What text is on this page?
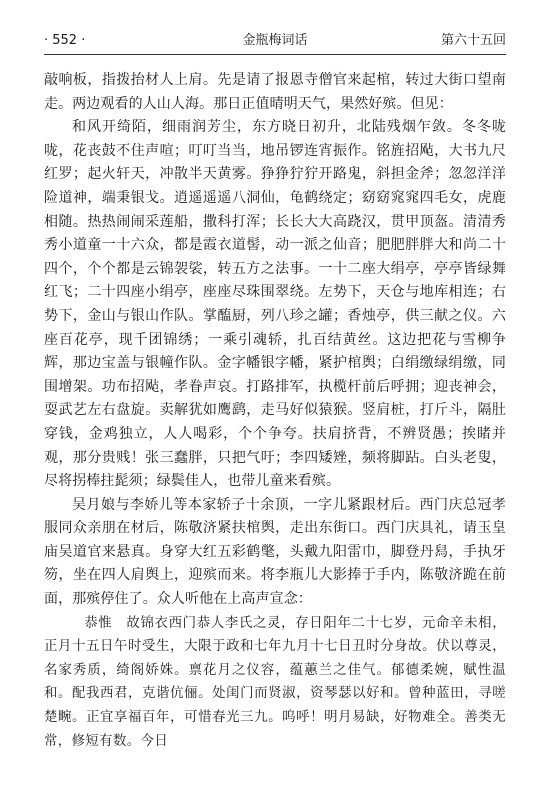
· 552 ·	金瓶梅词话	第六十五回

敲响板，指拨抬材人上肩。先是请了报恩寺僧官来起棺，转过大街口望南走。两边观看的人山人海。那日正值晴明天气，果然好殡。但见：

和风开绮陌，细雨润芳尘，东方晓日初升，北陆残烟乍敛。冬冬咙咙，花丧鼓不住声喧；叮叮当当，地吊锣连宵振作。铭旌招飐，大书九尺红罗；起火轩天，冲散半天黄雾。狰狰狞狞开路鬼，斜担金斧；忽忽洋洋险道神，端秉银戈。逍遥遥遥八洞仙，龟鹤绕定；窈窈窕窕四毛女，虎鹿相随。热热闹闹采莲船，撒科打浑；长长大大高跷汉，贯甲顶盔。清清秀秀小道童一十六众，都是霞衣道髻，动一派之仙音；肥肥胖胖大和尚二十四个，个个都是云锦袈裟，转五方之法事。一十二座大绢亭，亭亭皆绿舞红飞；二十四座小绢亭，座座尽珠围翠绕。左势下，天仓与地库相连；右势下，金山与银山作队。掌醢厨，列八珍之罐；香烛亭，供三献之仪。六座百花亭，现千团锦绣；一乘引魂轿，扎百结黄丝。这边把花与雪柳争辉，那边宝盖与银幢作队。金字幡银字幡，紧护棺舆；白绢缴绿绢缴，同围增架。功布招飐，孝眷声哀。打路排军，执榄杆前后呼拥；迎丧神会，耍武艺左右盘旋。卖解犹如鹰鹞，走马好似猿猴。竖肩桩，打斤斗，隔肚穿钱，金鸡独立，人人喝彩，个个争夸。扶肩挤背，不辨贤愚；挨睹并观，那分贵贱！张三蠢胖，只把气吁；李四矮矬，频将脚跕。白头老叟，尽将拐棒拄髭须；绿鬓佳人，也带儿童来看殡。

吴月娘与李娇儿等本家轿子十余顶，一字儿紧跟材后。西门庆总冠孝服同众亲朋在材后，陈敬济紧扶棺舆，走出东街口。西门庆具礼，请玉皇庙吴道官来悬真。身穿大红五彩鹤氅，头戴九阳雷巾，脚登丹舄，手执牙笏，坐在四人肩舆上，迎殡而来。将李瓶儿大影捧于手内，陈敬济跪在前面，那殡停住了。众人听他在上高声宣念：

恭惟　故锦衣西门恭人李氏之灵，存日阳年二十七岁，元命辛未相，正月十五日午时受生，大限于政和七年九月十七日丑时分身故。伏以尊灵，名家秀质，绮阁娇姝。禀花月之仪容，蕴蕙兰之佳气。郁德柔婉，赋性温和。配我西君，克谐伉俪。处闺门而贤淑，资琴瑟以好和。曾种蓝田，寻嗟楚畹。正宜享福百年，可惜春光三九。呜呼！明月易缺，好物难全。善类无常，修短有数。今日
